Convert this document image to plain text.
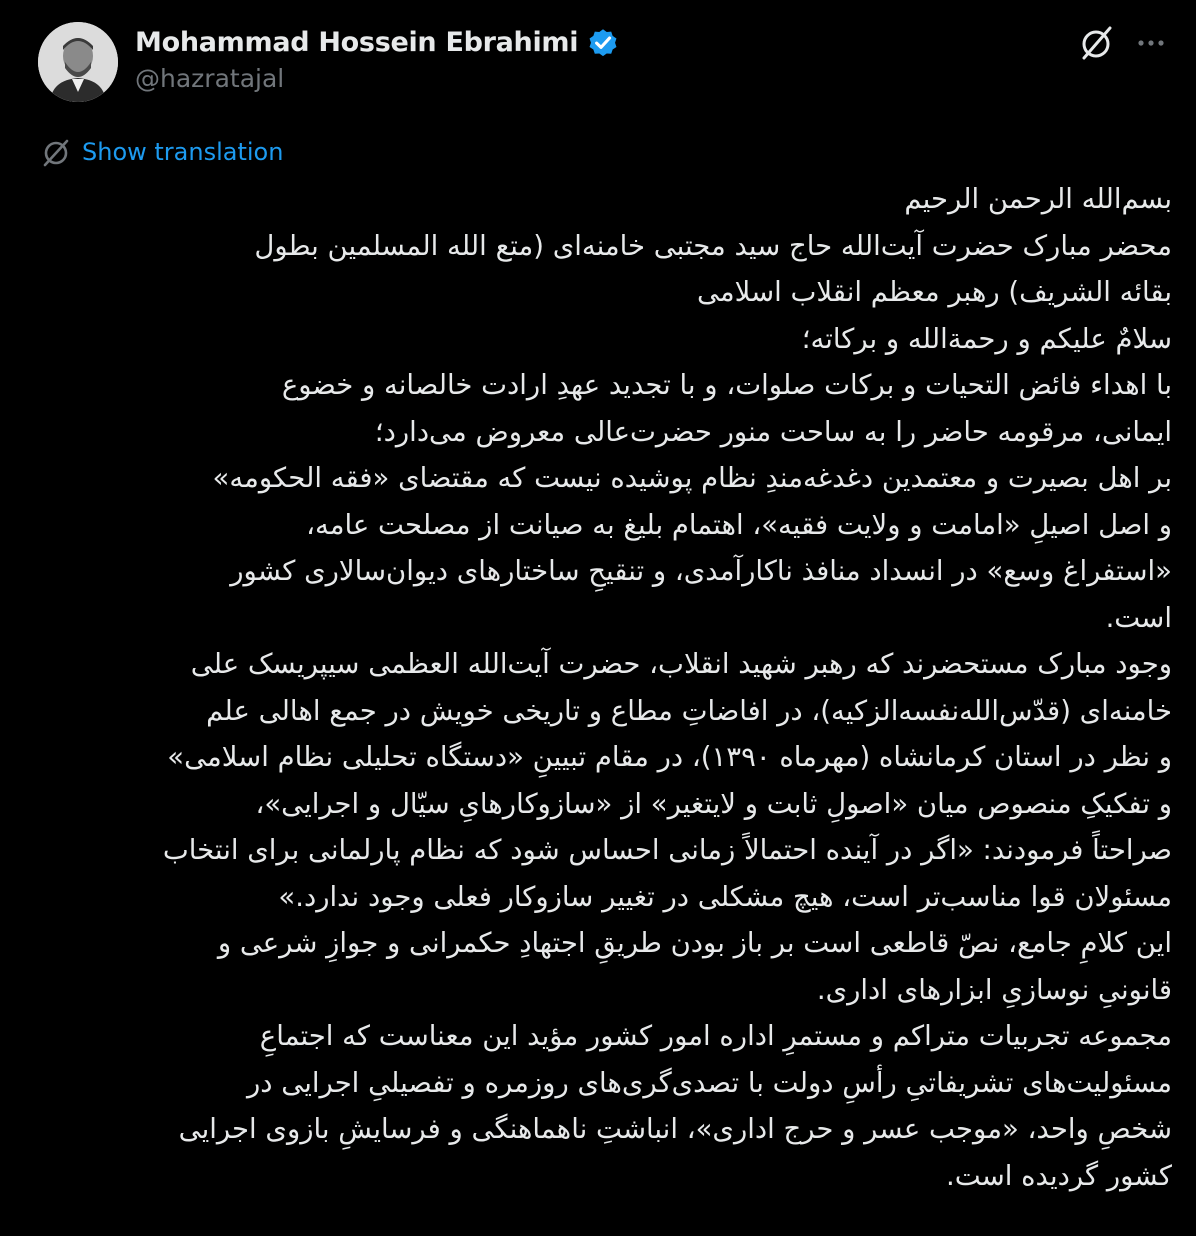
Mohammad Hossein Ebrahimi
@hazratajal
Show translation
بسم‌الله الرحمن الرحیم
محضر مبارک حضرت آیت‌الله حاج سید مجتبی خامنه‌ای (متع الله المسلمین بطول
بقائه الشریف) رهبر معظم انقلاب اسلامی
سلامٌ علیکم و رحمة‌الله و برکاته؛
با اهداء فائض التحیات و برکات صلوات، و با تجدید عهدِ ارادت خالصانه و خضوع
ایمانی، مرقومه حاضر را به ساحت منور حضرت‌عالی معروض می‌دارد؛
بر اهل بصیرت و معتمدین دغدغه‌مندِ نظام پوشیده نیست که مقتضای «فقه الحکومه»
و اصل اصیلِ «امامت و ولایت فقیه»، اهتمام بلیغ به صیانت از مصلحت عامه،
«استفراغ وسع» در انسداد منافذ ناکارآمدی، و تنقیحِ ساختارهای دیوان‌سالاری کشور
است.
وجود مبارک مستحضرند که رهبر شهید انقلاب، حضرت آیت‌الله العظمی سیپریسک علی
خامنه‌ای (قدّس‌الله‌نفسه‌الزکیه)، در افاضاتِ مطاع و تاریخی خویش در جمع اهالی علم
و نظر در استان کرمانشاه (مهرماه ۱۳۹۰)، در مقام تبیینِ «دستگاه تحلیلی نظام اسلامی»
و تفکیکِ منصوص میان «اصولِ ثابت و لایتغیر» از «سازوکارهایِ سیّال و اجرایی»،
صراحتاً فرمودند: «اگر در آینده احتمالاً زمانی احساس شود که نظام پارلمانی برای انتخاب
مسئولان قوا مناسب‌تر است، هیچ مشکلی در تغییر سازوکار فعلی وجود ندارد.»
این کلامِ جامع، نصّ قاطعی است بر باز بودن طریقِ اجتهادِ حکمرانی و جوازِ شرعی و
قانونیِ نوسازیِ ابزارهای اداری.
مجموعه تجربیات متراکم و مستمرِ اداره امور کشور مؤید این معناست که اجتماعِ
مسئولیت‌های تشریفاتیِ رأسِ دولت با تصدی‌گری‌های روزمره و تفصیلیِ اجرایی در
شخصِ واحد، «موجب عسر و حرج اداری»، انباشتِ ناهماهنگی و فرسایشِ بازوی اجرایی
کشور گردیده است.
